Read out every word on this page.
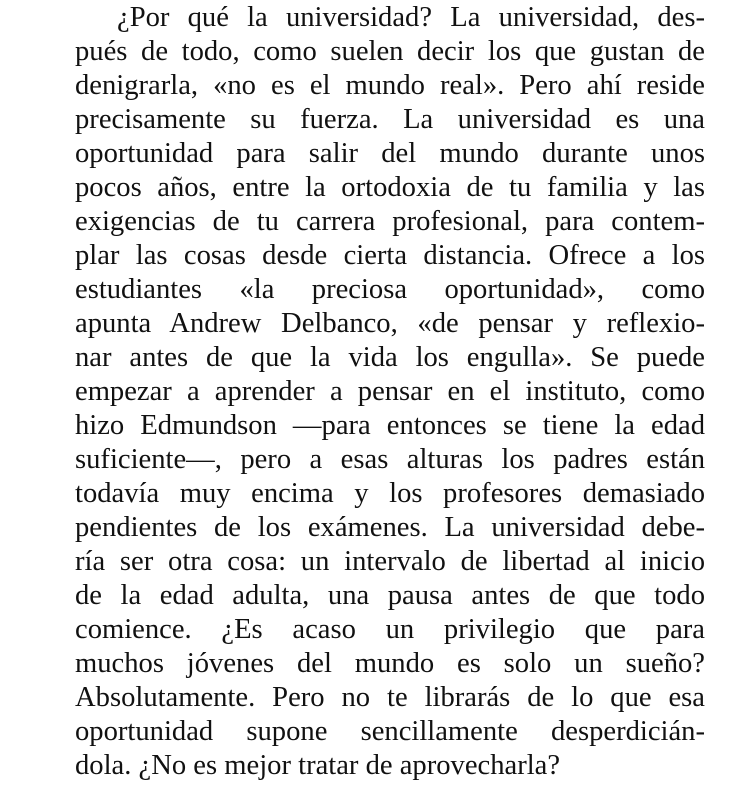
¿Por qué la universidad? La universidad, des-
pués de todo, como suelen decir los que gustan de
denigrarla, «no es el mundo real». Pero ahí reside
precisamente su fuerza. La universidad es una
oportunidad para salir del mundo durante unos
pocos años, entre la ortodoxia de tu familia y las
exigencias de tu carrera profesional, para contem-
plar las cosas desde cierta distancia. Ofrece a los
estudiantes «la preciosa oportunidad», como
apunta Andrew Delbanco, «de pensar y reflexio-
nar antes de que la vida los engulla». Se puede
empezar a aprender a pensar en el instituto, como
hizo Edmundson —para entonces se tiene la edad
suficiente—, pero a esas alturas los padres están
todavía muy encima y los profesores demasiado
pendientes de los exámenes. La universidad debe-
ría ser otra cosa: un intervalo de libertad al inicio
de la edad adulta, una pausa antes de que todo
comience. ¿Es acaso un privilegio que para
muchos jóvenes del mundo es solo un sueño?
Absolutamente. Pero no te librarás de lo que esa
oportunidad supone sencillamente desperdicián-
dola. ¿No es mejor tratar de aprovecharla?
